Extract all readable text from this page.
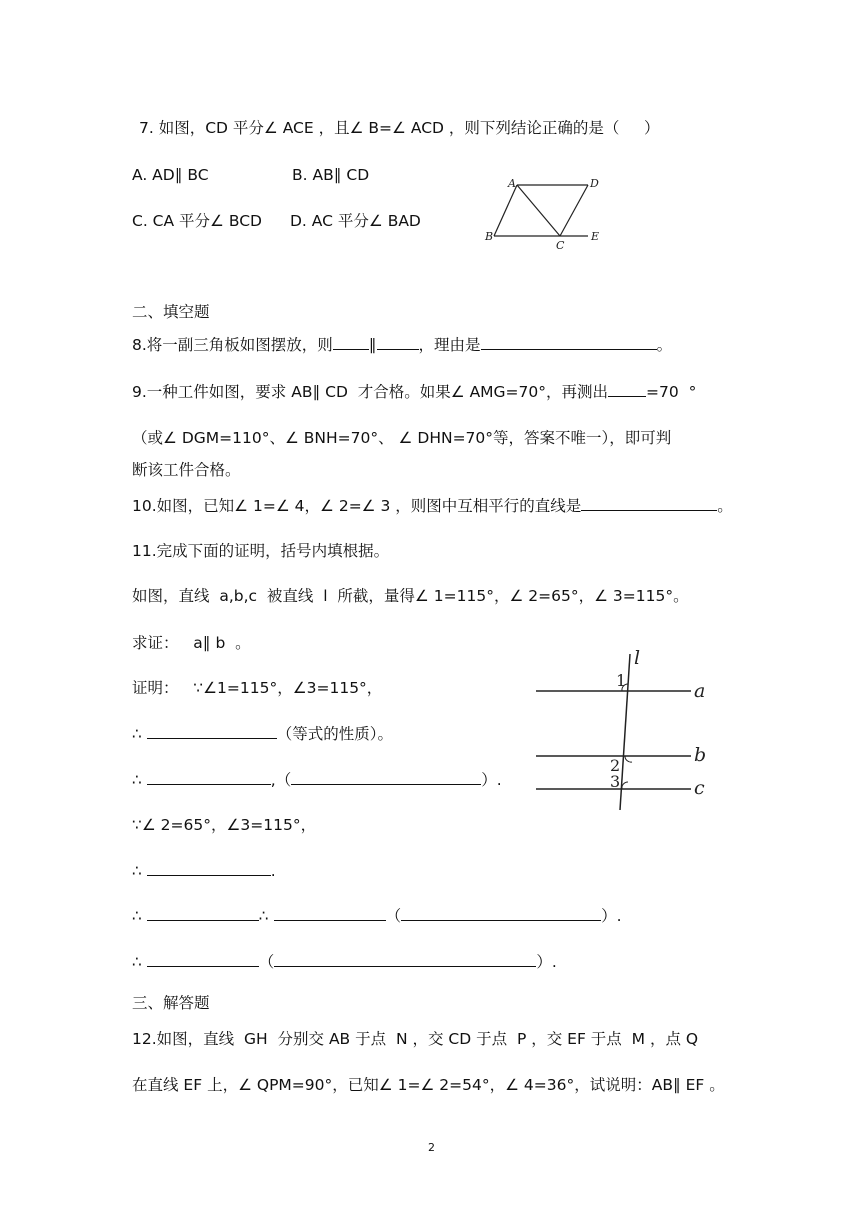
7. 如图，CD 平分∠ ACE ，且∠ B=∠ ACD ，则下列结论正确的是（     ）
A. AD∥ BC	B. AB∥ CD
C. CA 平分∠ BCD D. AC 平分∠ BAD
A	D
B
C
E
二、填空题
8.将一副三角板如图摆放，则 ∥	，理由是	。
9.一种工件如图，要求 AB∥ CD  才合格。如果∠ AMG=70°，再测出 =70  °
（或∠ DGM=110°、∠ BNH=70°、 ∠ DHN=70°等，答案不唯一），即可判
断该工件合格。
10.如图，已知∠ 1=∠ 4，∠ 2=∠ 3 ，则图中互相平行的直线是	。
11.完成下面的证明，括号内填根据。
如图，直线  a,b,c  被直线  l  所截，量得∠ 1=115°，∠ 2=65°，∠ 3=115°。
求证：   a∥ b  。
证明：   ∵∠1=115°，∠3=115°，
∴	（等式的性质）。
∴	,（	）.
∵∠ 2=65°，∠3=115°，
∴	.
∴	∴	（	）.
∴	（	）.
l
a
b
c
1
2
3
三、解答题
12.如图，直线  GH  分别交 AB 于点  N ，交 CD 于点  P ，交 EF 于点  M ，点 Q
在直线 EF 上，∠ QPM=90°，已知∠ 1=∠ 2=54°，∠ 4=36°，试说明：AB∥ EF 。
2
